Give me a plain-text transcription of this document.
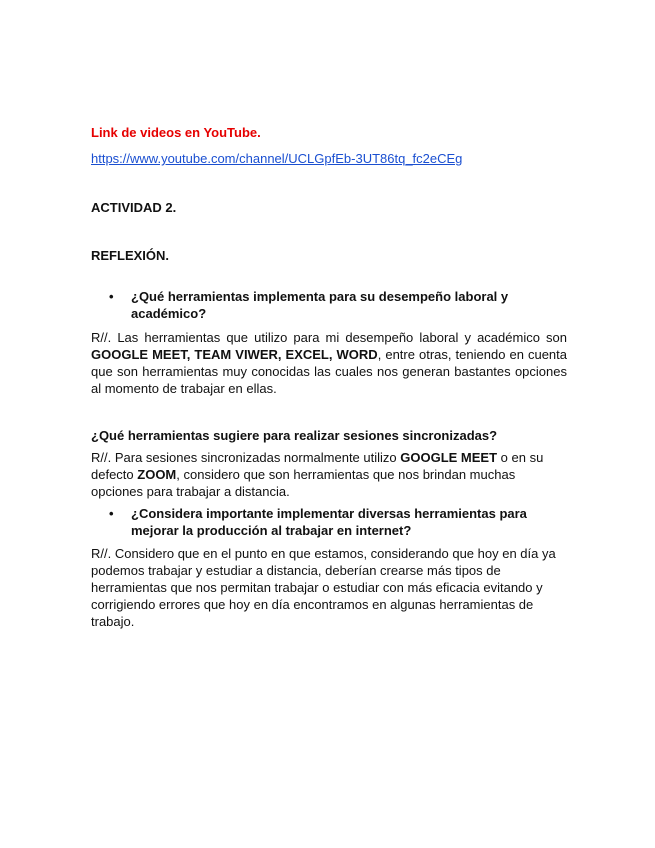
Link de videos en YouTube.

https://www.youtube.com/channel/UCLGpfEb-3UT86tq_fc2eCEg

ACTIVIDAD 2.

REFLEXIÓN.

• ¿Qué herramientas implementa para su desempeño laboral y académico?

R//. Las herramientas que utilizo para mi desempeño laboral y académico son GOOGLE MEET, TEAM VIWER, EXCEL, WORD, entre otras, teniendo en cuenta que son herramientas muy conocidas las cuales nos generan bastantes opciones al momento de trabajar en ellas.

¿Qué herramientas sugiere para realizar sesiones sincronizadas?

R//. Para sesiones sincronizadas normalmente utilizo GOOGLE MEET o en su defecto ZOOM, considero que son herramientas que nos brindan muchas opciones para trabajar a distancia.

• ¿Considera importante implementar diversas herramientas para mejorar la producción al trabajar en internet?

R//. Considero que en el punto en que estamos, considerando que hoy en día ya podemos trabajar y estudiar a distancia, deberían crearse más tipos de herramientas que nos permitan trabajar o estudiar con más eficacia evitando y corrigiendo errores que hoy en día encontramos en algunas herramientas de trabajo.
